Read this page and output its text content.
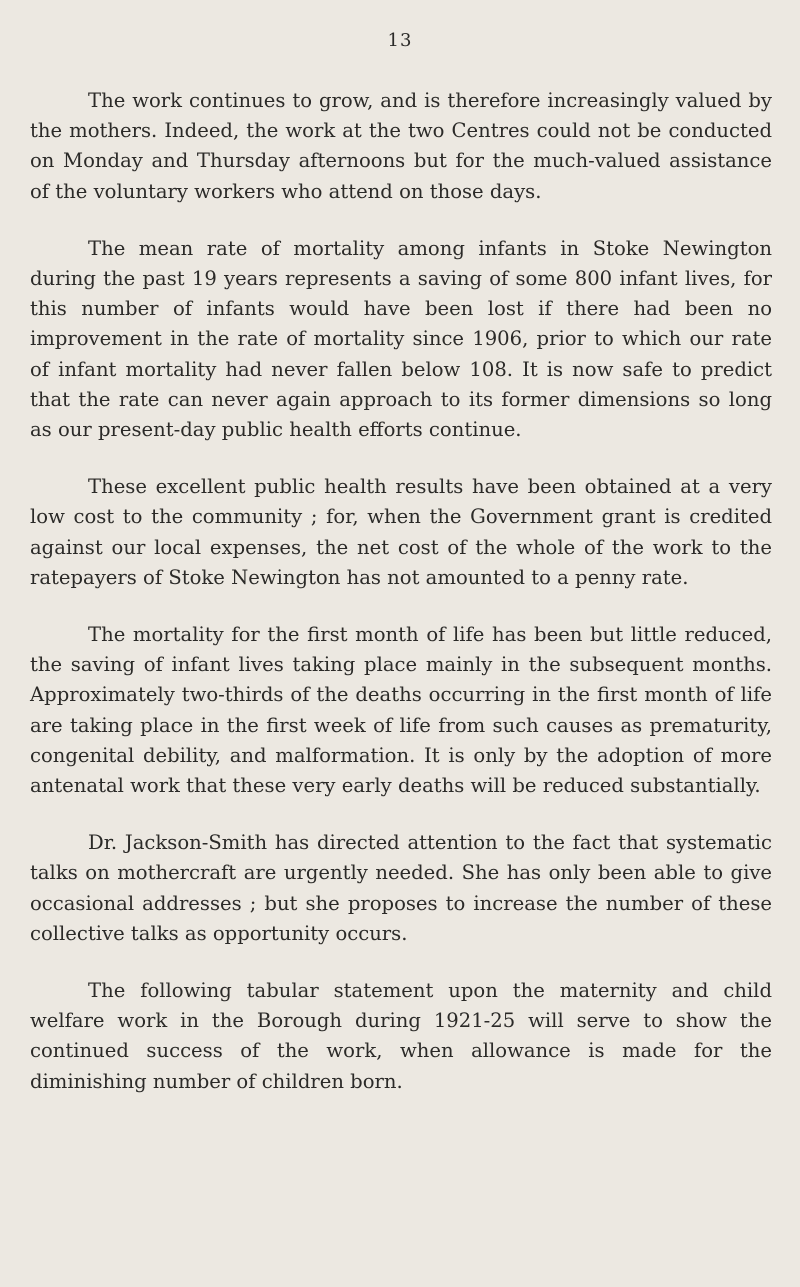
13

The work continues to grow, and is therefore increasingly valued by the mothers. Indeed, the work at the two Centres could not be conducted on Monday and Thursday afternoons but for the much-valued assistance of the voluntary workers who attend on those days.

The mean rate of mortality among infants in Stoke Newington during the past 19 years represents a saving of some 800 infant lives, for this number of infants would have been lost if there had been no improvement in the rate of mortality since 1906, prior to which our rate of infant mortality had never fallen below 108. It is now safe to predict that the rate can never again approach to its former dimensions so long as our present-day public health efforts continue.

These excellent public health results have been obtained at a very low cost to the community ; for, when the Government grant is credited against our local expenses, the net cost of the whole of the work to the ratepayers of Stoke Newington has not amounted to a penny rate.

The mortality for the first month of life has been but little reduced, the saving of infant lives taking place mainly in the subsequent months. Approximately two-thirds of the deaths occurring in the first month of life are taking place in the first week of life from such causes as prematurity, congenital debility, and malformation. It is only by the adoption of more antenatal work that these very early deaths will be reduced substantially.

Dr. Jackson-Smith has directed attention to the fact that systematic talks on mothercraft are urgently needed. She has only been able to give occasional addresses ; but she proposes to increase the number of these collective talks as opportunity occurs.

The following tabular statement upon the maternity and child welfare work in the Borough during 1921-25 will serve to show the continued success of the work, when allowance is made for the diminishing number of children born.
